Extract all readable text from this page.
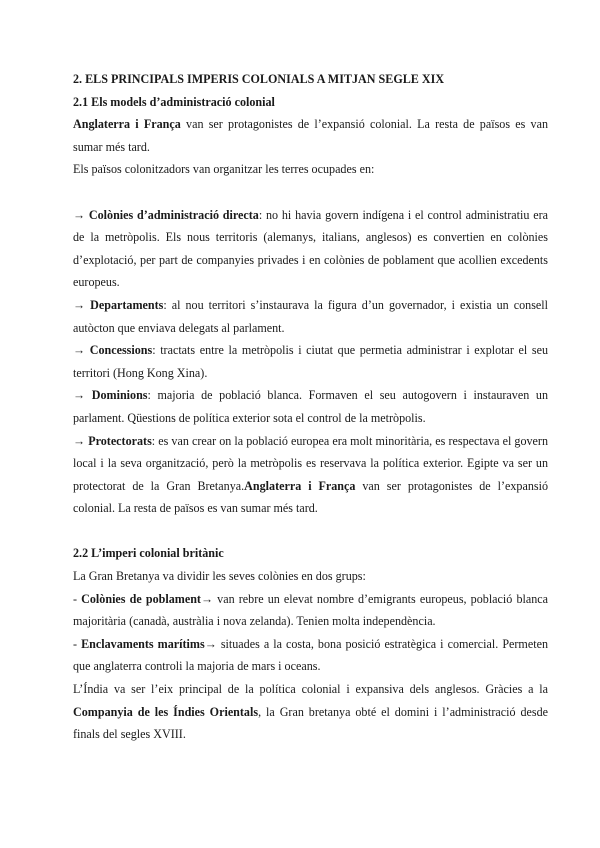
2. ELS PRINCIPALS IMPERIS COLONIALS A MITJAN SEGLE XIX

2.1 Els models d’administració colonial

Anglaterra i França van ser protagonistes de l’expansió colonial. La resta de països es van sumar més tard.

Els països colonitzadors van organitzar les terres ocupades en:

→ Colònies d’administració directa: no hi havia govern indígena i el control administratiu era de la metròpolis. Els nous territoris (alemanys, italians, anglesos) es convertien en colònies d’explotació, per part de companyies privades i en colònies de poblament que acollien excedents europeus.

→ Departaments: al nou territori s’instaurava la figura d’un governador, i existia un consell autòcton que enviava delegats al parlament.

→ Concessions: tractats entre la metròpolis i ciutat que permetia administrar i explotar el seu territori (Hong Kong Xina).

→ Dominions: majoria de població blanca. Formaven el seu autogovern i instauraven un parlament. Qüestions de política exterior sota el control de la metròpolis.

→ Protectorats: es van crear on la població europea era molt minoritària, es respectava el govern local i la seva organització, però la metròpolis es reservava la política exterior. Egipte va ser un protectorat de la Gran Bretanya.Anglaterra i França van ser protagonistes de l’expansió colonial. La resta de països es van sumar més tard.

2.2 L’imperi colonial britànic

La Gran Bretanya va dividir les seves colònies en dos grups:

- Colònies de poblament→ van rebre un elevat nombre d’emigrants europeus, població blanca majoritària (canadà, austràlia i nova zelanda). Tenien molta independència.

- Enclavaments marítims→ situades a la costa, bona posició estratègica i comercial. Permeten que anglaterra controli la majoria de mars i oceans.

L’Índia va ser l’eix principal de la política colonial i expansiva dels anglesos. Gràcies a la Companyia de les Índies Orientals, la Gran bretanya obté el domini i l’administració desde finals del segles XVIII.
